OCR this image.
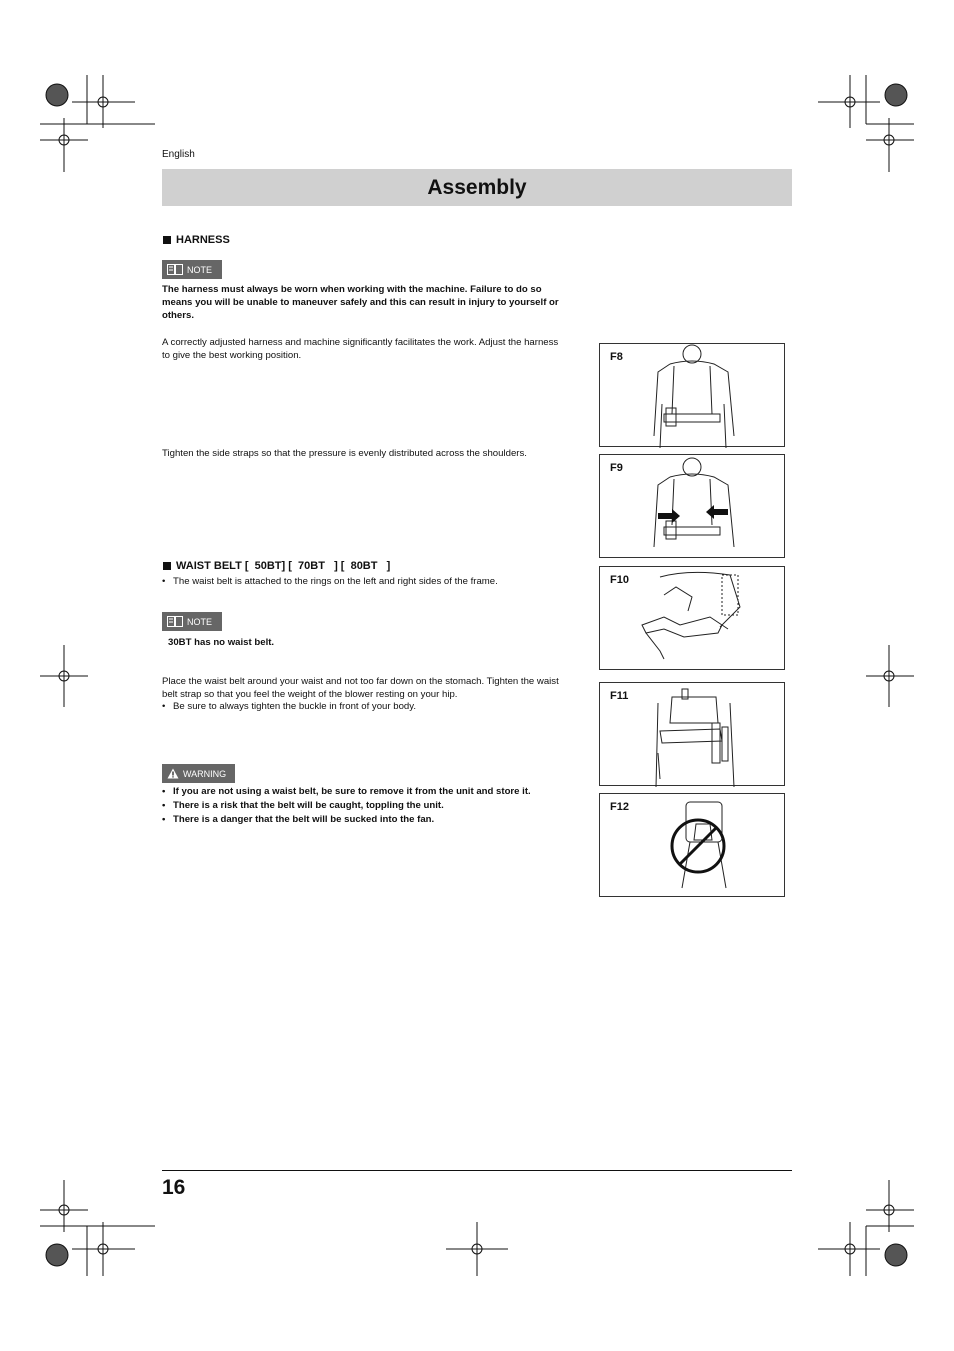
English
Assembly
HARNESS
NOTE
The harness must always be worn when working with the machine. Failure to do so means you will be unable to maneuver safely and this can result in injury to yourself or others.
A correctly adjusted harness and machine significantly facilitates the work. Adjust the harness to give the best working position.
Tighten the side straps so that the pressure is evenly distributed across the shoulders.
WAIST BELT [  50BT] [  70BT   ] [  80BT   ]
• The waist belt is attached to the rings on the left and right sides of the frame.
NOTE
30BT has no waist belt.
Place the waist belt around your waist and not too far down on the stomach. Tighten the waist belt strap so that you feel the weight of the blower resting on your hip.
• Be sure to always tighten the buckle in front of your body.
WARNING
• If you are not using a waist belt, be sure to remove it from the unit and store it.
• There is a risk that the belt will be caught, toppling the unit.
• There is a danger that the belt will be sucked into the fan.
F8
F9
F10
F11
F12
16
